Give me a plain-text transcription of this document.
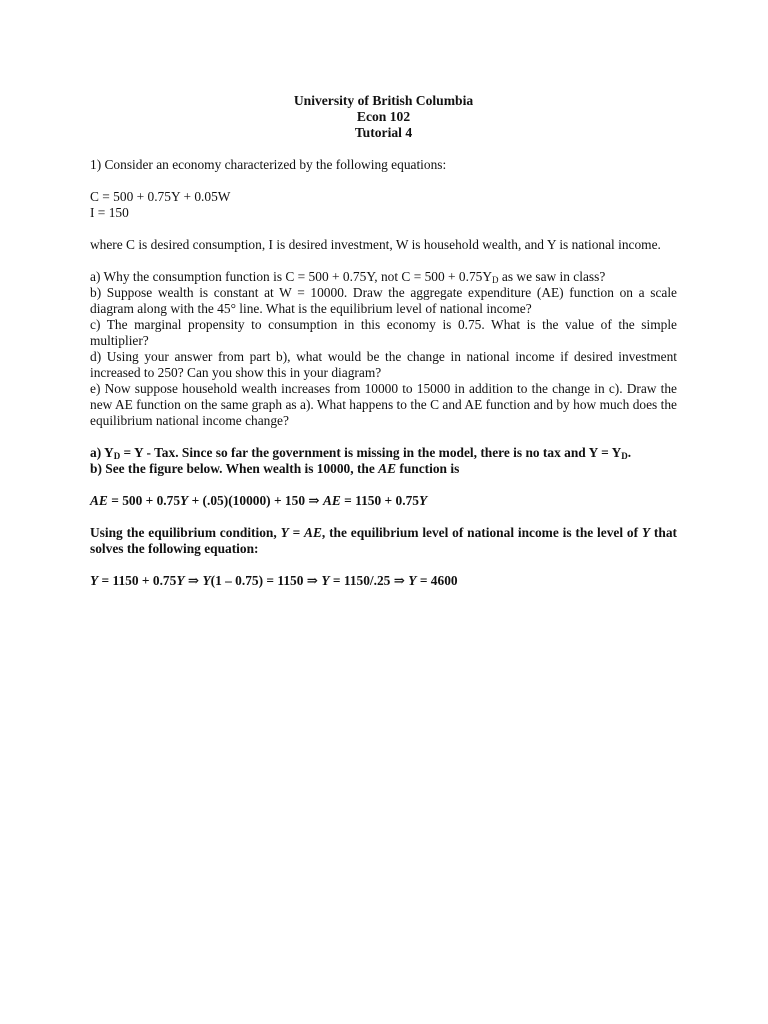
University of British Columbia
Econ 102
Tutorial 4

1) Consider an economy characterized by the following equations:

C = 500 + 0.75Y + 0.05W

I = 150

where C is desired consumption, I is desired investment, W is household wealth, and Y is national income.

a) Why the consumption function is C = 500 + 0.75Y, not $C = 500 + 0.75Y_D$ as we saw in class?

b) Suppose wealth is constant at W = 10000. Draw the aggregate expenditure (AE) function on a scale diagram along with the 45° line. What is the equilibrium level of national income?

c) The marginal propensity to consumption in this economy is 0.75. What is the value of the simple multiplier?

d) Using your answer from part b), what would be the change in national income if desired investment increased to 250? Can you show this in your diagram?

e) Now suppose household wealth increases from 10000 to 15000 in addition to the change in c). Draw the new AE function on the same graph as a). What happens to the C and AE function and by how much does the equilibrium national income change?

a) $Y_D = Y$ - Tax. Since so far the government is missing in the model, there is no tax and $Y = Y_D$.

b) See the figure below. When wealth is 10000, the AE function is

AE = 500 + 0.75Y + (.05)(10000) + 150 ⇒ AE = 1150 + 0.75Y

Using the equilibrium condition, Y = AE, the equilibrium level of national income is the level of Y that solves the following equation:

Y = 1150 + 0.75Y ⇒ Y(1 – 0.75) = 1150 ⇒ Y = 1150/.25 ⇒ Y = 4600
